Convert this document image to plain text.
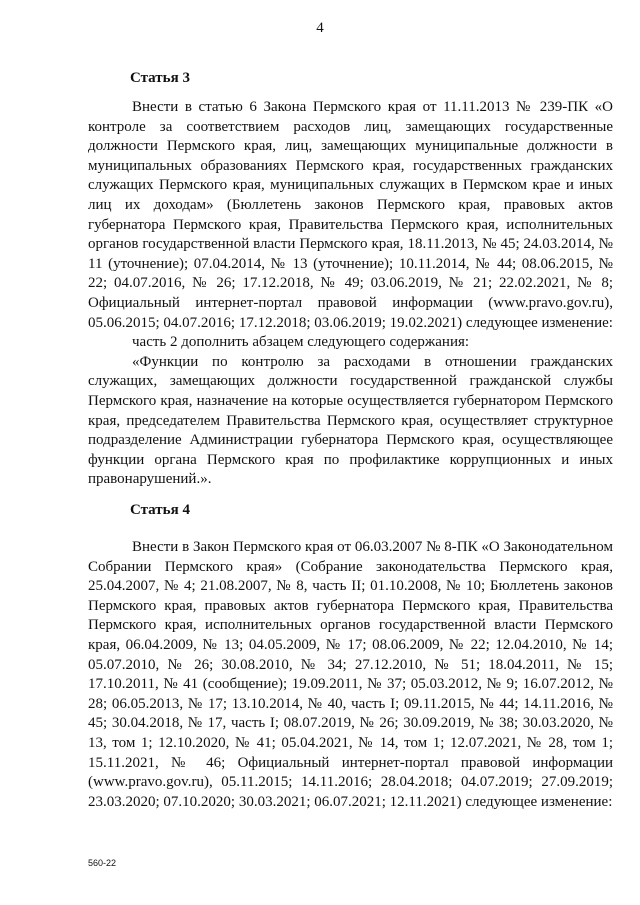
4
Статья 3

Внести в статью 6 Закона Пермского края от 11.11.2013 № 239-ПК «О контроле за соответствием расходов лиц, замещающих государственные должности Пермского края, лиц, замещающих муниципальные должности в муниципальных образованиях Пермского края, государственных гражданских служащих Пермского края, муниципальных служащих в Пермском крае и иных лиц их доходам» (Бюллетень законов Пермского края, правовых актов губернатора Пермского края, Правительства Пермского края, исполнительных органов государственной власти Пермского края, 18.11.2013, № 45; 24.03.2014, № 11 (уточнение); 07.04.2014, № 13 (уточнение); 10.11.2014, № 44; 08.06.2015, № 22; 04.07.2016, № 26; 17.12.2018, № 49; 03.06.2019, № 21; 22.02.2021, № 8; Официальный интернет-портал правовой информации (www.pravo.gov.ru), 05.06.2015; 04.07.2016; 17.12.2018; 03.06.2019; 19.02.2021) следующее изменение:

часть 2 дополнить абзацем следующего содержания:

«Функции по контролю за расходами в отношении гражданских служащих, замещающих должности государственной гражданской службы Пермского края, назначение на которые осуществляется губернатором Пермского края, председателем Правительства Пермского края, осуществляет структурное подразделение Администрации губернатора Пермского края, осуществляющее функции органа Пермского края по профилактике коррупционных и иных правонарушений.».

Статья 4

Внести в Закон Пермского края от 06.03.2007 № 8-ПК «О Законодательном Собрании Пермского края» (Собрание законодательства Пермского края, 25.04.2007, № 4; 21.08.2007, № 8, часть II; 01.10.2008, № 10; Бюллетень законов Пермского края, правовых актов губернатора Пермского края, Правительства Пермского края, исполнительных органов государственной власти Пермского края, 06.04.2009, № 13; 04.05.2009, № 17; 08.06.2009, № 22; 12.04.2010, № 14; 05.07.2010, № 26; 30.08.2010, № 34; 27.12.2010, № 51; 18.04.2011, № 15; 17.10.2011, № 41 (сообщение); 19.09.2011, № 37; 05.03.2012, № 9; 16.07.2012, № 28; 06.05.2013, № 17; 13.10.2014, № 40, часть I; 09.11.2015, № 44; 14.11.2016, № 45; 30.04.2018, № 17, часть I; 08.07.2019, № 26; 30.09.2019, № 38; 30.03.2020, № 13, том 1; 12.10.2020, № 41; 05.04.2021, № 14, том 1; 12.07.2021, № 28, том 1; 15.11.2021, № 46; Официальный интернет-портал правовой информации (www.pravo.gov.ru), 05.11.2015; 14.11.2016; 28.04.2018; 04.07.2019; 27.09.2019; 23.03.2020; 07.10.2020; 30.03.2021; 06.07.2021; 12.11.2021) следующее изменение:

560-22
